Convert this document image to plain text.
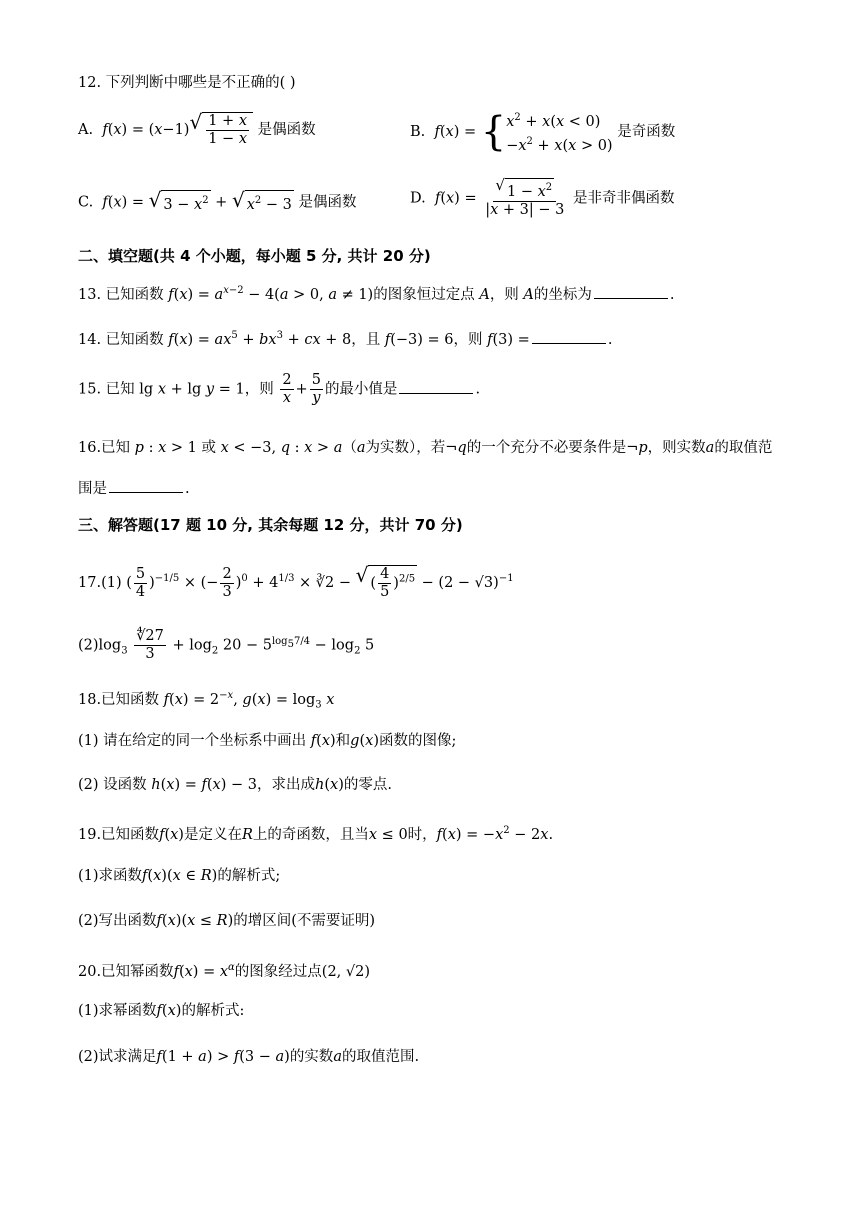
12. 下列判断中哪些是不正确的( )
A. f(x) = (x−1) √ $\frac{1 + x}{1 - x}$ 是偶函数	B. f(x) = { $x^2 + x(x < 0)$
$-x^2 + x(x > 0)$
是奇函数
C. f(x) = √ $3 - x^2$ + √ $x^2 - 3$ 是偶函数	D. $f(x) = \frac{√ 1 - x^2}{|x + 3| - 3}$ 是非奇非偶函数
二、填空题(共 4 个小题，每小题 5 分, 共计 20 分)
13. 已知函数 $f(x) = a^{x-2} - 4(a > 0$, a ≠ 1)的图象恒过定点 A，则 A的坐标为	.
14. 已知函数 $f(x) = ax^5 + bx^3$ + cx + 8，且 f(−3) = 6，则 f(3) =	.
15. 已知 lg x + lg y = 1，则 $\frac{2}{x} + \frac{5}{y}$ 的最小值是	.
16.已知 p : x > 1 或 x < −3, q : x > a（a为实数），若¬q的一个充分不必要条件是¬p，则实数a的取值范
围是	.
三、解答题(17 题 10 分, 其余每题 12 分，共计 70 分)
17.(1) ( $\frac{5}{4} )^{-1/5}$ × (− $\frac{2}{3} )^0 + 4^{1/3}$ × ∛2 − √ ( $\frac{4}{5} )^{2/5} - (2 - √3)^{-1}$
$(2)\log_3 \frac{∜27}{3} + \log_2 20 - 5^{log_57/4} - \log_2 5$
18.已知函数 $f(x) = 2^{-x}$, $g(x) = \log_3 x$
(1) 请在给定的同一个坐标系中画出 f(x)和g(x)函数的图像;
(2) 设函数 h(x) = f(x) − 3，求出成h(x)的零点.
19.已知函数f(x)是定义在R上的奇函数，且当x ≤ 0时，$f(x) = -x^2 - 2x$.
(1)求函数f(x)(x ∈ R)的解析式;
(2)写出函数f(x)(x ≤ R)的增区间(不需要证明)
20.已知幂函数$f(x) = x^\alpha$的图象经过点(2, √2)
(1)求幂函数f(x)的解析式:
(2)试求满足f(1 + a) > f(3 − a)的实数a的取值范围.
